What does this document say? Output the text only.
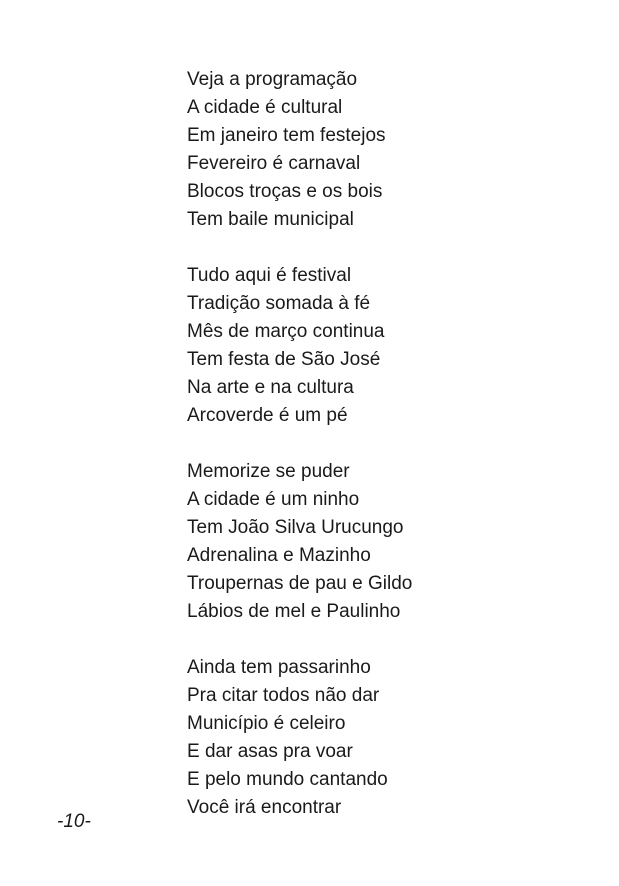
Veja a programação
A cidade é cultural
Em janeiro tem festejos
Fevereiro é carnaval
Blocos troças e os bois
Tem baile municipal
Tudo aqui é festival
Tradição somada à fé
Mês de março continua
Tem festa de São José
Na arte e na cultura
Arcoverde é um pé
Memorize se puder
A cidade é um ninho
Tem João Silva Urucungo
Adrenalina e Mazinho
Troupernas de pau e Gildo
Lábios de mel e Paulinho
Ainda tem passarinho
Pra citar todos não dar
Município é celeiro
E dar asas pra voar
E pelo mundo cantando
Você irá encontrar
-10-
